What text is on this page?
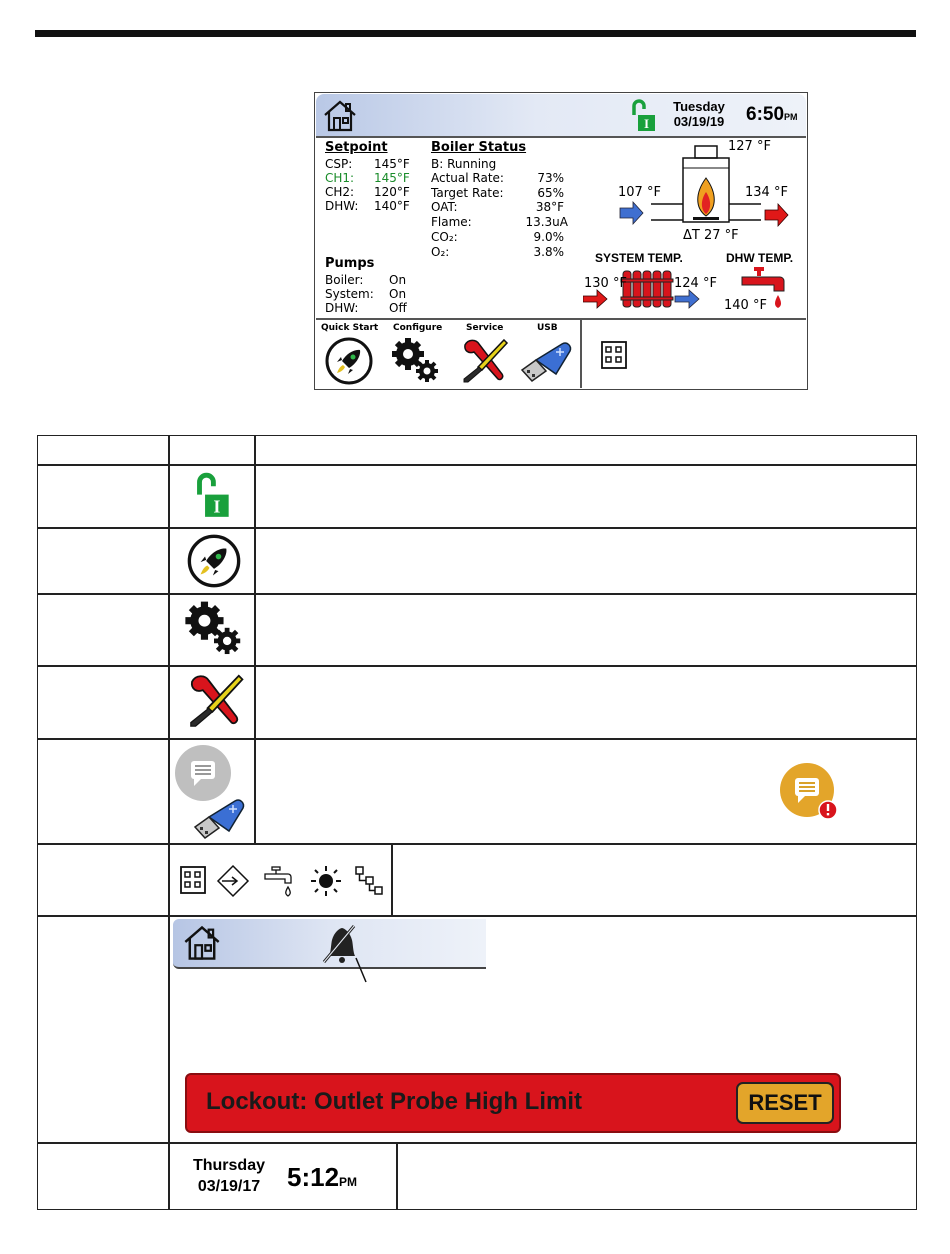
I
Tuesday
03/19/19	6:50PM
Setpoint
CSP: 145°F
CH1: 145°F
CH2: 120°F
DHW: 140°F
Boiler Status
B: Running
Actual Rate:	73%
Target Rate:	65%
OAT:	38°F
Flame:	13.3uA
CO₂:	9.0%
O₂:	3.8%
Pumps
Boiler: On
System: On
DHW:	Off
127 °F
107 °F	134 °F
ΔT 27 °F
SYSTEM TEMP.	DHW TEMP.
130 °F	124 °F
140 °F
Quick Start Configure	Service	USB
I
Lockout: Outlet Probe High Limit	RESET
Thursday
03/19/17	5:12PM
